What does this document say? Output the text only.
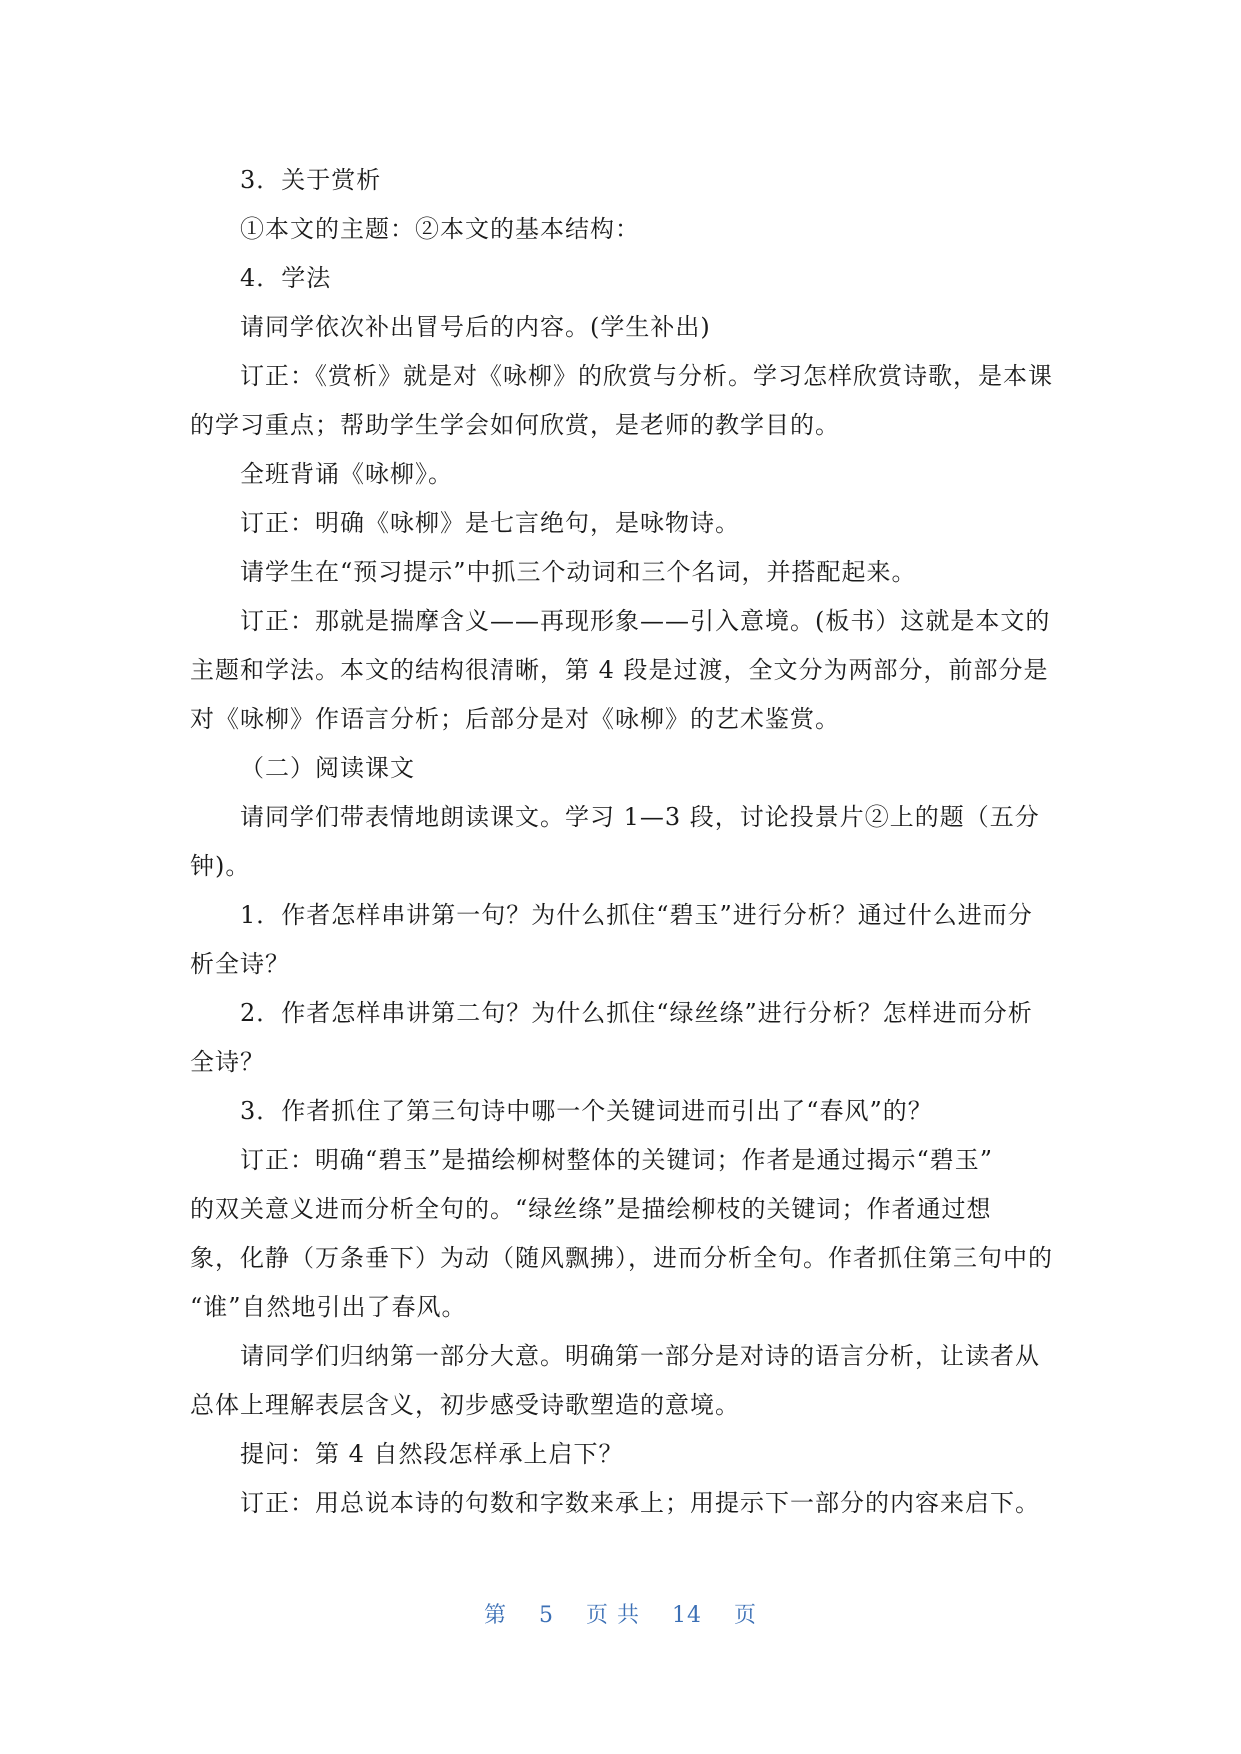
3．关于赏析
①本文的主题：②本文的基本结构：
4．学法
请同学依次补出冒号后的内容。(学生补出)
订正：《赏析》就是对《咏柳》的欣赏与分析。学习怎样欣赏诗歌，是本课
的学习重点；帮助学生学会如何欣赏，是老师的教学目的。
全班背诵《咏柳》。
订正：明确《咏柳》是七言绝句，是咏物诗。
请学生在“预习提示”中抓三个动词和三个名词，并搭配起来。
订正：那就是揣摩含义——再现形象——引入意境。(板书）这就是本文的
主题和学法。本文的结构很清晰，第 4 段是过渡，全文分为两部分，前部分是
对《咏柳》作语言分析；后部分是对《咏柳》的艺术鉴赏。
（二）阅读课文
请同学们带表情地朗读课文。学习 1—3 段，讨论投景片②上的题（五分
钟)。
1．作者怎样串讲第一句？为什么抓住“碧玉”进行分析？通过什么进而分
析全诗？
2．作者怎样串讲第二句？为什么抓住“绿丝绦”进行分析？怎样进而分析
全诗？
3．作者抓住了第三句诗中哪一个关键词进而引出了“春风”的？
订正：明确“碧玉”是描绘柳树整体的关键词；作者是通过揭示“碧玉”
的双关意义进而分析全句的。“绿丝绦”是描绘柳枝的关键词；作者通过想
象，化静（万条垂下）为动（随风飘拂），进而分析全句。作者抓住第三句中的
“谁”自然地引出了春风。
请同学们归纳第一部分大意。明确第一部分是对诗的语言分析，让读者从
总体上理解表层含义，初步感受诗歌塑造的意境。
提问：第 4 自然段怎样承上启下？
订正：用总说本诗的句数和字数来承上；用提示下一部分的内容来启下。
第 5 页 共 14 页
